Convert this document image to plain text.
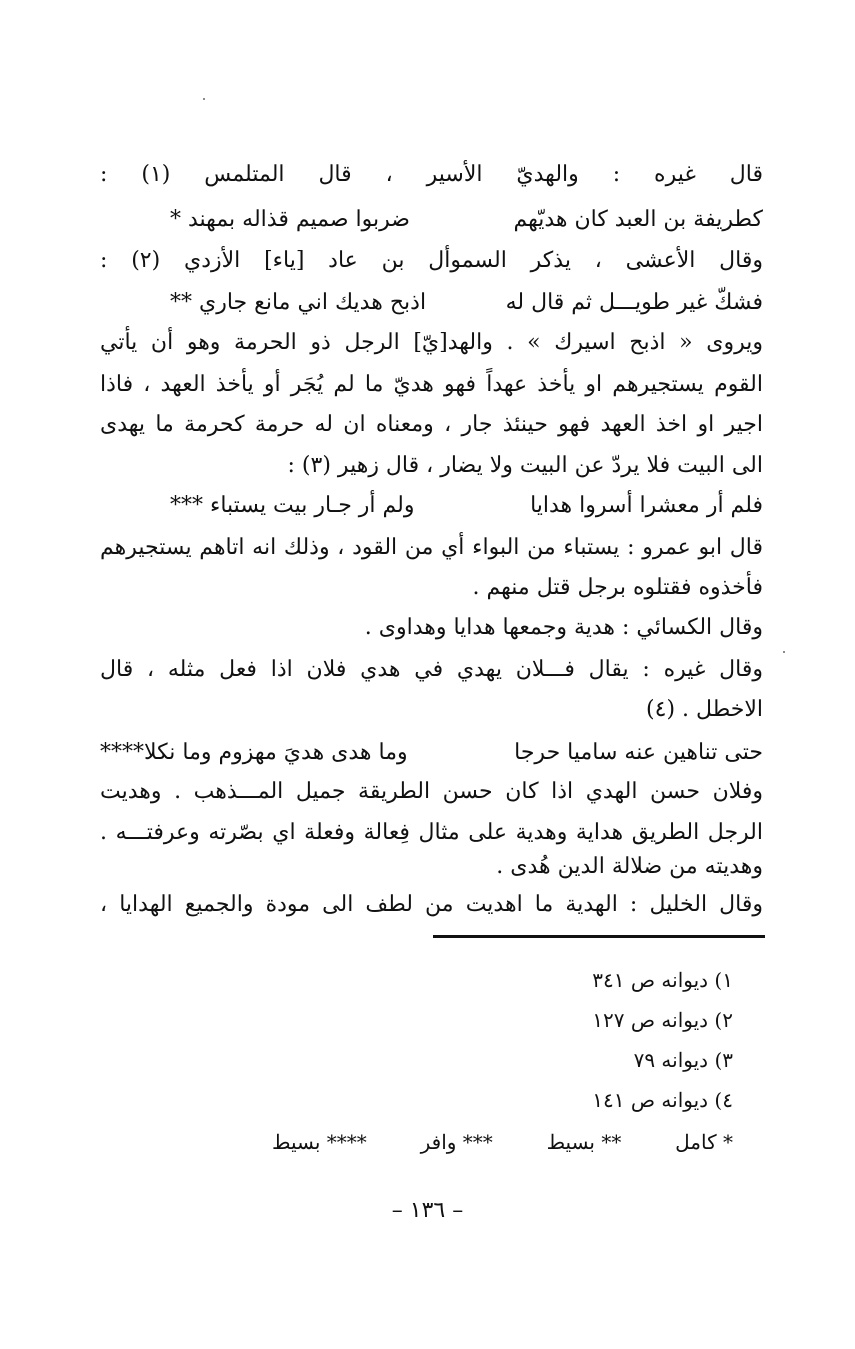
قال غيره : والهديّ الأسير ، قال المتلمس (١) :
كطريفة بن العبد كان هديّهم
ضربوا صميم قذاله بمهند *
وقال الأعشى ، يذكر السموأل بن عاد [ياء] الأزدي (٢) :
فشكّ غير طويـــل ثم قال له
اذبح هديك اني مانع جاري **
ويروى « اذبح اسيرك » . والهد[يّ] الرجل ذو الحرمة وهو أن يأتي
القوم يستجيرهم او يأخذ عهداً فهو هديّ ما لم يُجَر أو يأخذ العهد ، فاذا
اجير او اخذ العهد فهو حينئذ جار ، ومعناه ان له حرمة كحرمة ما يهدى
الى البيت فلا يردّ عن البيت ولا يضار ، قال زهير (٣) :
فلم أر معشرا أسروا هدايا
ولم أر جـار بيت يستباء ***
قال ابو عمرو : يستباء من البواء أي من القود ، وذلك انه اتاهم يستجيرهم
فأخذوه فقتلوه برجل قتل منهم .
وقال الكسائي : هدية وجمعها هدايا وهداوى .
وقال غيره : يقال فـــلان يهدي في هدي فلان اذا فعل مثله ، قال
الاخطل . (٤)
حتى تناهين عنه ساميا حرجا
وما هدى هديَ مهزوم وما نكلا****
وفلان حسن الهدي اذا كان حسن الطريقة جميل المـــذهب . وهديت
الرجل الطريق هداية وهدية على مثال فِعالة وفعلة اي بصّرته وعرفتـــه .
وهديته من ضلالة الدين هُدى .
وقال الخليل : الهدية ما اهديت من لطف الى مودة والجميع الهدايا ،
١) ديوانه ص ٣٤١
٢) ديوانه ص ١٢٧
٣) ديوانه ٧٩
٤) ديوانه ص ١٤١
* كامل
** بسيط
*** وافر
**** بسيط
– ١٣٦ –
